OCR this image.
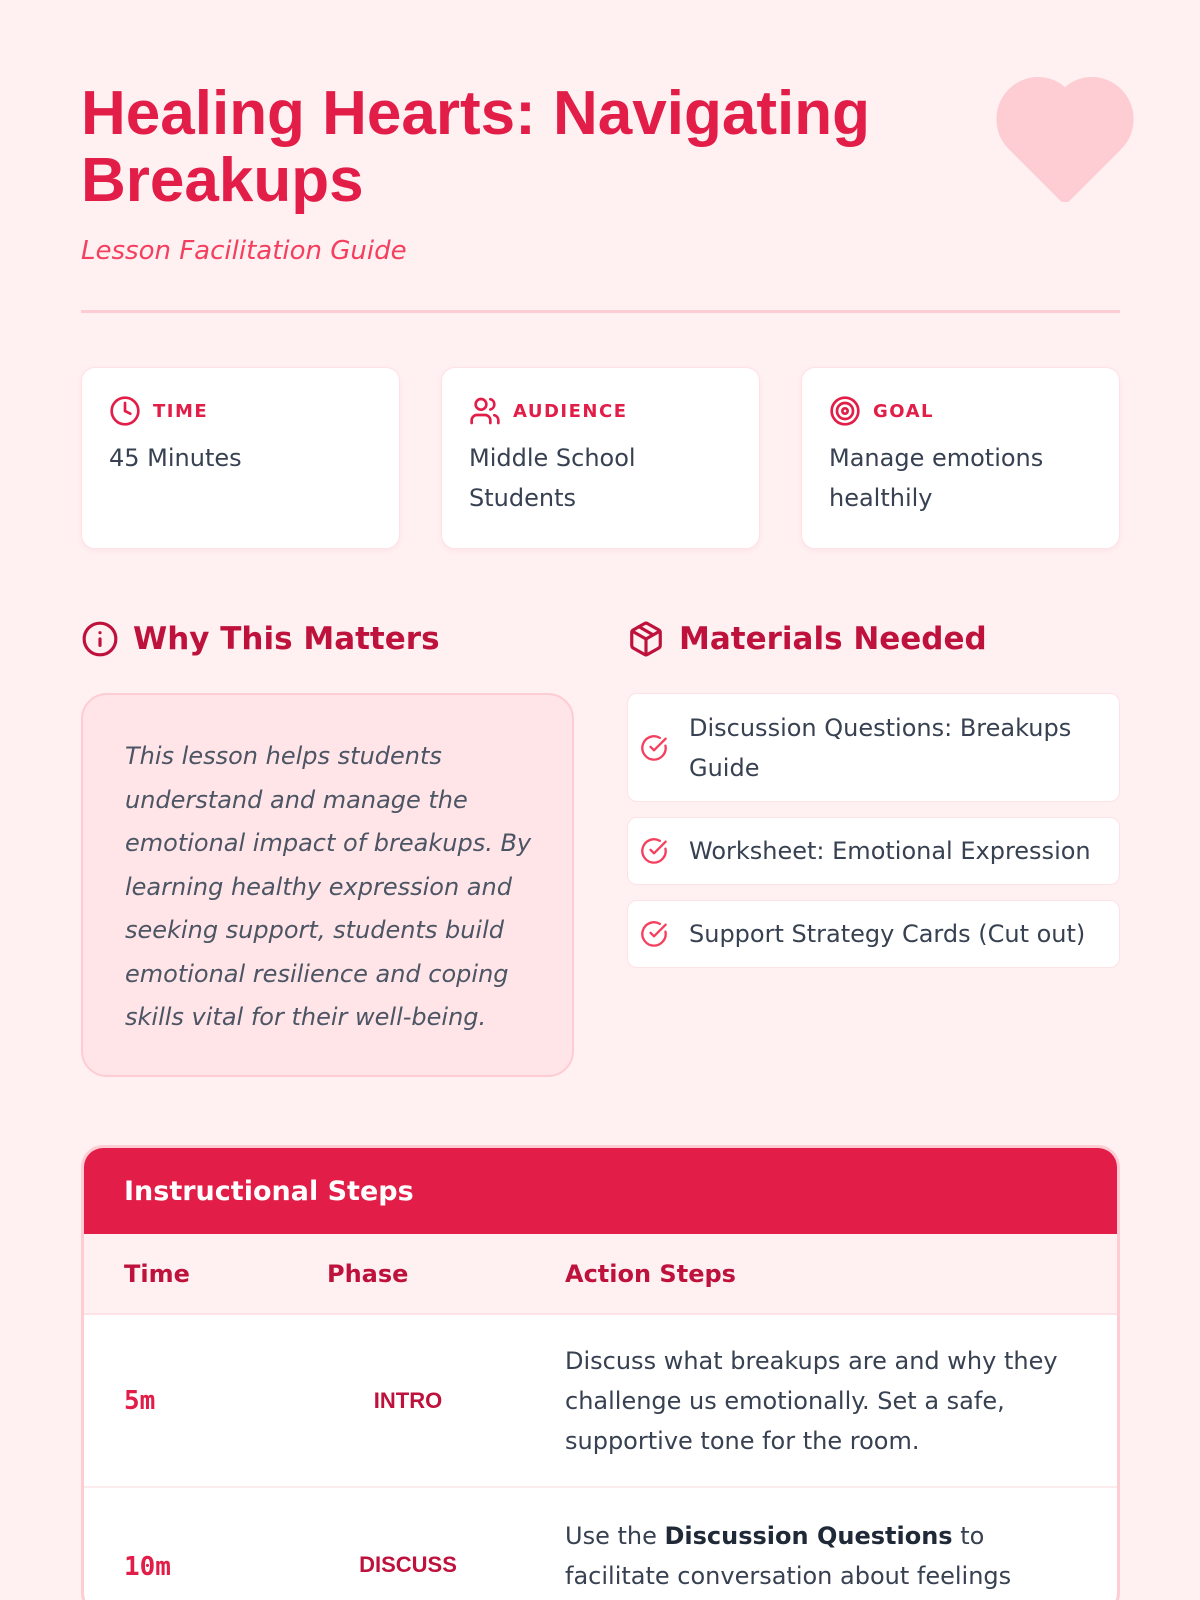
Healing Hearts: Navigating Breakups
Lesson Facilitation Guide
TIME
45 Minutes
AUDIENCE
Middle School Students
GOAL
Manage emotions healthily
Why This Matters

This lesson helps students understand and manage the emotional impact of breakups. By learning healthy expression and seeking support, students build emotional resilience and coping skills vital for their well-being.

Materials Needed
Discussion Questions: Breakups Guide
Worksheet: Emotional Expression
Support Strategy Cards (Cut out)
Instructional Steps
Time	Phase	Action Steps
5m	INTRO

Discuss what breakups are and why they challenge us emotionally. Set a safe, supportive tone for the room.

10m	DISCUSS

Use the Discussion Questions to facilitate conversation about feelings
